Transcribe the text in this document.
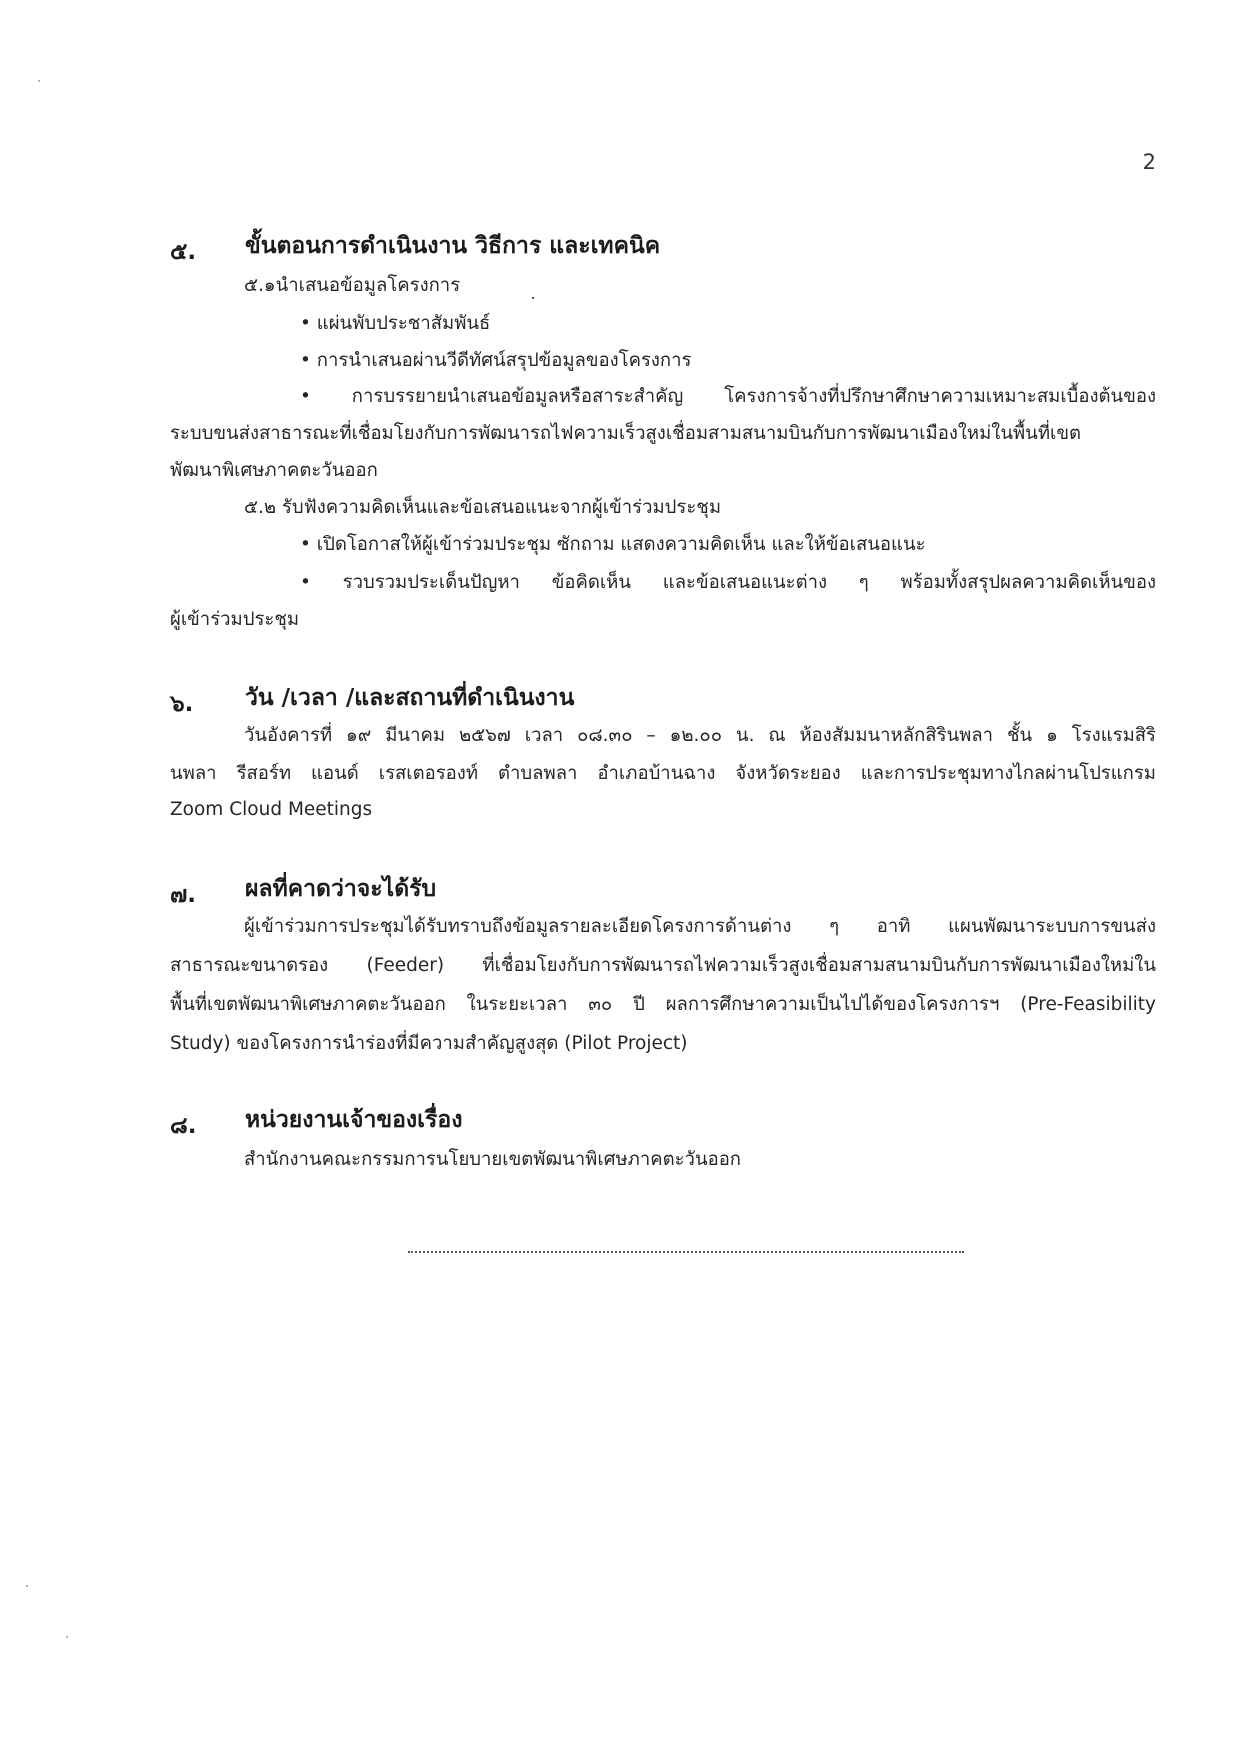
2
๕. ขั้นตอนการดำเนินงาน วิธีการ และเทคนิค
๕.๑นำเสนอข้อมูลโครงการ
• แผ่นพับประชาสัมพันธ์
• การนำเสนอผ่านวีดีทัศน์สรุปข้อมูลของโครงการ
• การบรรยายนำเสนอข้อมูลหรือสาระสำคัญ โครงการจ้างที่ปรึกษาศึกษาความเหมาะสมเบื้องต้นของ
ระบบขนส่งสาธารณะที่เชื่อมโยงกับการพัฒนารถไฟความเร็วสูงเชื่อมสามสนามบินกับการพัฒนาเมืองใหม่ในพื้นที่เขต
พัฒนาพิเศษภาคตะวันออก
๕.๒ รับฟังความคิดเห็นและข้อเสนอแนะจากผู้เข้าร่วมประชุม
• เปิดโอกาสให้ผู้เข้าร่วมประชุม ซักถาม แสดงความคิดเห็น และให้ข้อเสนอแนะ
• รวบรวมประเด็นปัญหา ข้อคิดเห็น และข้อเสนอแนะต่าง ๆ พร้อมทั้งสรุปผลความคิดเห็นของ
ผู้เข้าร่วมประชุม
๖. วัน /เวลา /และสถานที่ดำเนินงาน
วันอังคารที่ ๑๙ มีนาคม ๒๕๖๗ เวลา ๐๘.๓๐ – ๑๒.๐๐ น. ณ ห้องสัมมนาหลักสิรินพลา ชั้น ๑ โรงแรมสิริ
นพลา รีสอร์ท แอนด์ เรสเตอรองท์ ตำบลพลา อำเภอบ้านฉาง จังหวัดระยอง และการประชุมทางไกลผ่านโปรแกรม
Zoom Cloud Meetings
๗. ผลที่คาดว่าจะได้รับ
ผู้เข้าร่วมการประชุมได้รับทราบถึงข้อมูลรายละเอียดโครงการด้านต่าง ๆ อาทิ แผนพัฒนาระบบการขนส่ง
สาธารณะขนาดรอง (Feeder) ที่เชื่อมโยงกับการพัฒนารถไฟความเร็วสูงเชื่อมสามสนามบินกับการพัฒนาเมืองใหม่ใน
พื้นที่เขตพัฒนาพิเศษภาคตะวันออก ในระยะเวลา ๓๐ ปี ผลการศึกษาความเป็นไปได้ของโครงการฯ (Pre-Feasibility
Study) ของโครงการนำร่องที่มีความสำคัญสูงสุด (Pilot Project)
๘. หน่วยงานเจ้าของเรื่อง
สำนักงานคณะกรรมการนโยบายเขตพัฒนาพิเศษภาคตะวันออก
